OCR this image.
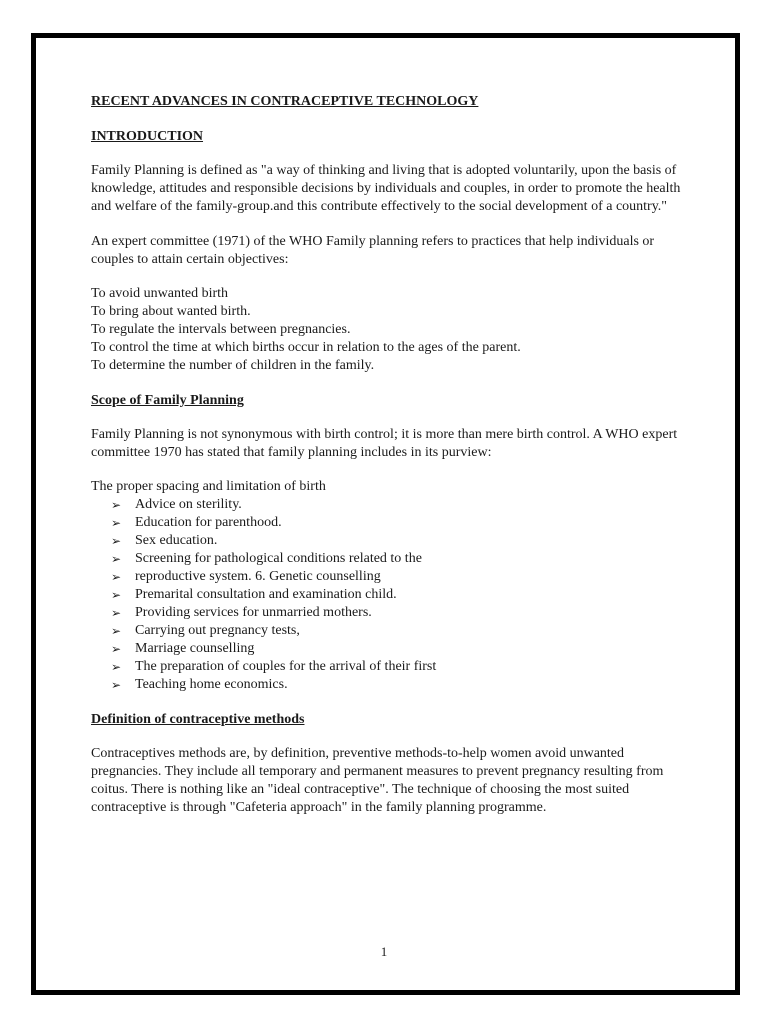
RECENT ADVANCES IN CONTRACEPTIVE TECHNOLOGY

INTRODUCTION

Family Planning is defined as "a way of thinking and living that is adopted voluntarily, upon the basis of knowledge, attitudes and responsible decisions by individuals and couples, in order to promote the health and welfare of the family-group.and this contribute effectively to the social development of a country."

An expert committee (1971) of the WHO Family planning refers to practices that help individuals or couples to attain certain objectives:

To avoid unwanted birth
To bring about wanted birth.
To regulate the intervals between pregnancies.
To control the time at which births occur in relation to the ages of the parent.
To determine the number of children in the family.

Scope of Family Planning

Family Planning is not synonymous with birth control; it is more than mere birth control. A WHO expert committee 1970 has stated that family planning includes in its purview:

The proper spacing and limitation of birth

➢ Advice on sterility.
➢ Education for parenthood.
➢ Sex education.
➢ Screening for pathological conditions related to the
➢ reproductive system. 6. Genetic counselling
➢ Premarital consultation and examination child.
➢ Providing services for unmarried mothers.
➢ Carrying out pregnancy tests,
➢ Marriage counselling
➢ The preparation of couples for the arrival of their first
➢ Teaching home economics.

Definition of contraceptive methods

Contraceptives methods are, by definition, preventive methods-to-help women avoid unwanted pregnancies. They include all temporary and permanent measures to prevent pregnancy resulting from coitus. There is nothing like an "ideal contraceptive". The technique of choosing the most suited contraceptive is through "Cafeteria approach" in the family planning programme.

1
